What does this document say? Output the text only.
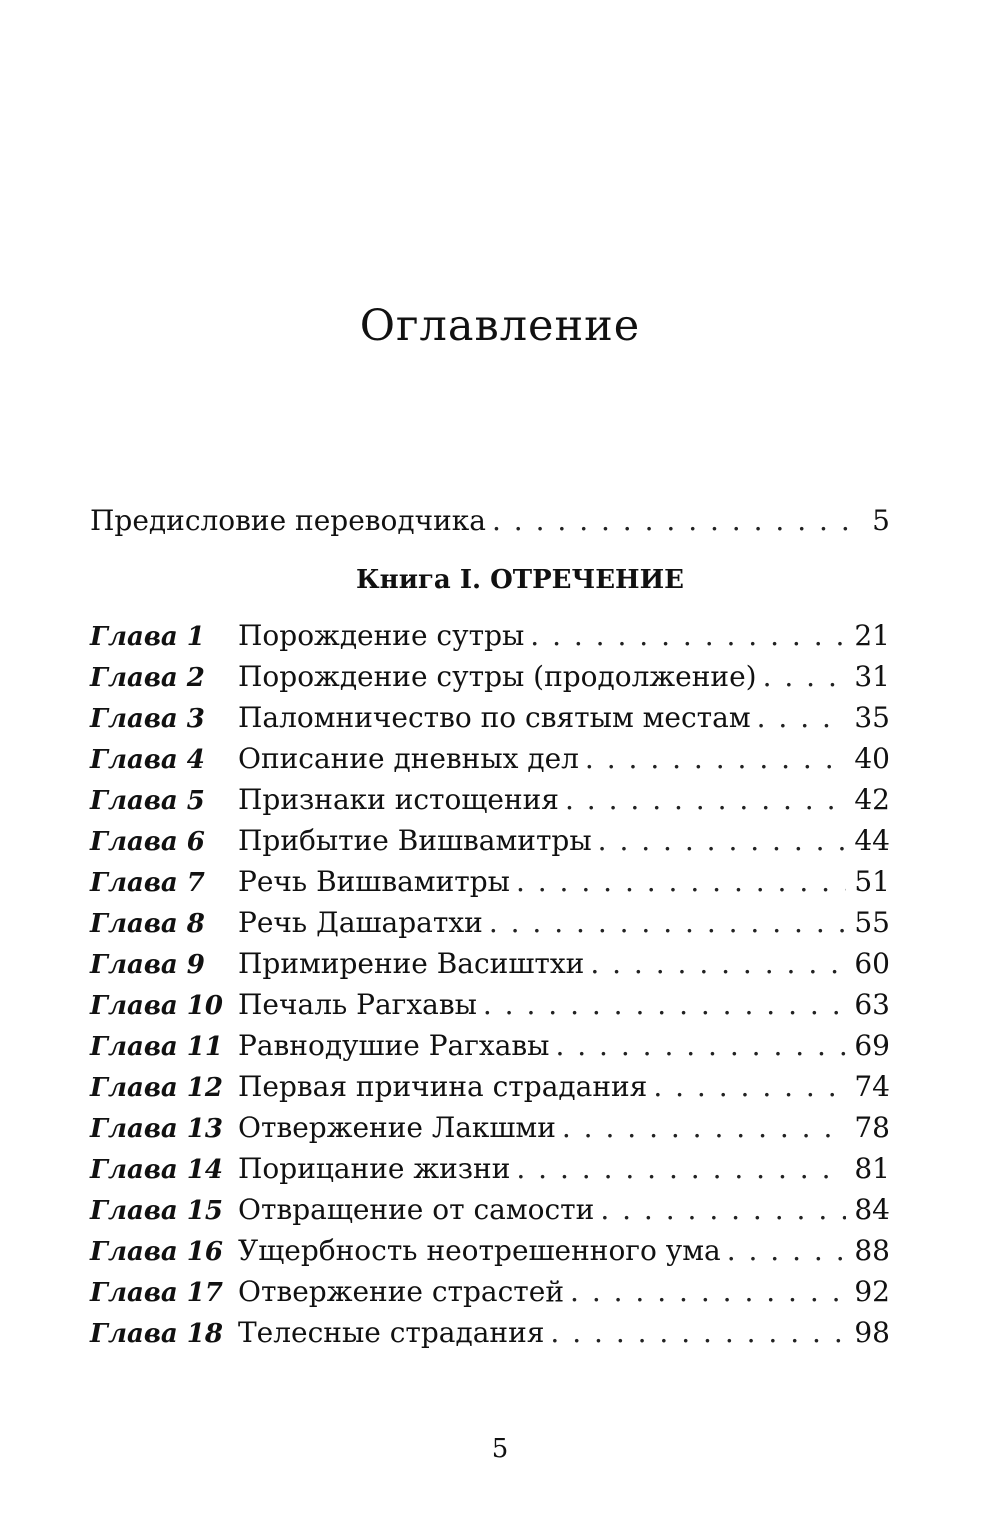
Оглавление
Предисловие переводчика . . .	5
Книга I. ОТРЕЧЕНИЕ
Глава 1	Порождение сутры . . .	21
Глава 2	Порождение сутры (продолжение) . . .	31
Глава 3	Паломничество по святым местам . . .	35
Глава 4	Описание дневных дел . . .	40
Глава 5	Признаки истощения . . .	42
Глава 6	Прибытие Вишвамитры . . .	44
Глава 7	Речь Вишвамитры . . .	51
Глава 8	Речь Дашаратхи . . .	55
Глава 9	Примирение Васиштхи . . .	60
Глава 10 Печаль Рагхавы . . .	63
Глава 11 Равнодушие Рагхавы . . .	69
Глава 12 Первая причина страдания . . .	74
Глава 13 Отвержение Лакшми . . .	78
Глава 14 Порицание жизни . . .	81
Глава 15 Отвращение от самости . . .	84
Глава 16 Ущербность неотрешенного ума . . .	88
Глава 17 Отвержение страстей . . .	92
Глава 18 Телесные страдания . . .	98
5
